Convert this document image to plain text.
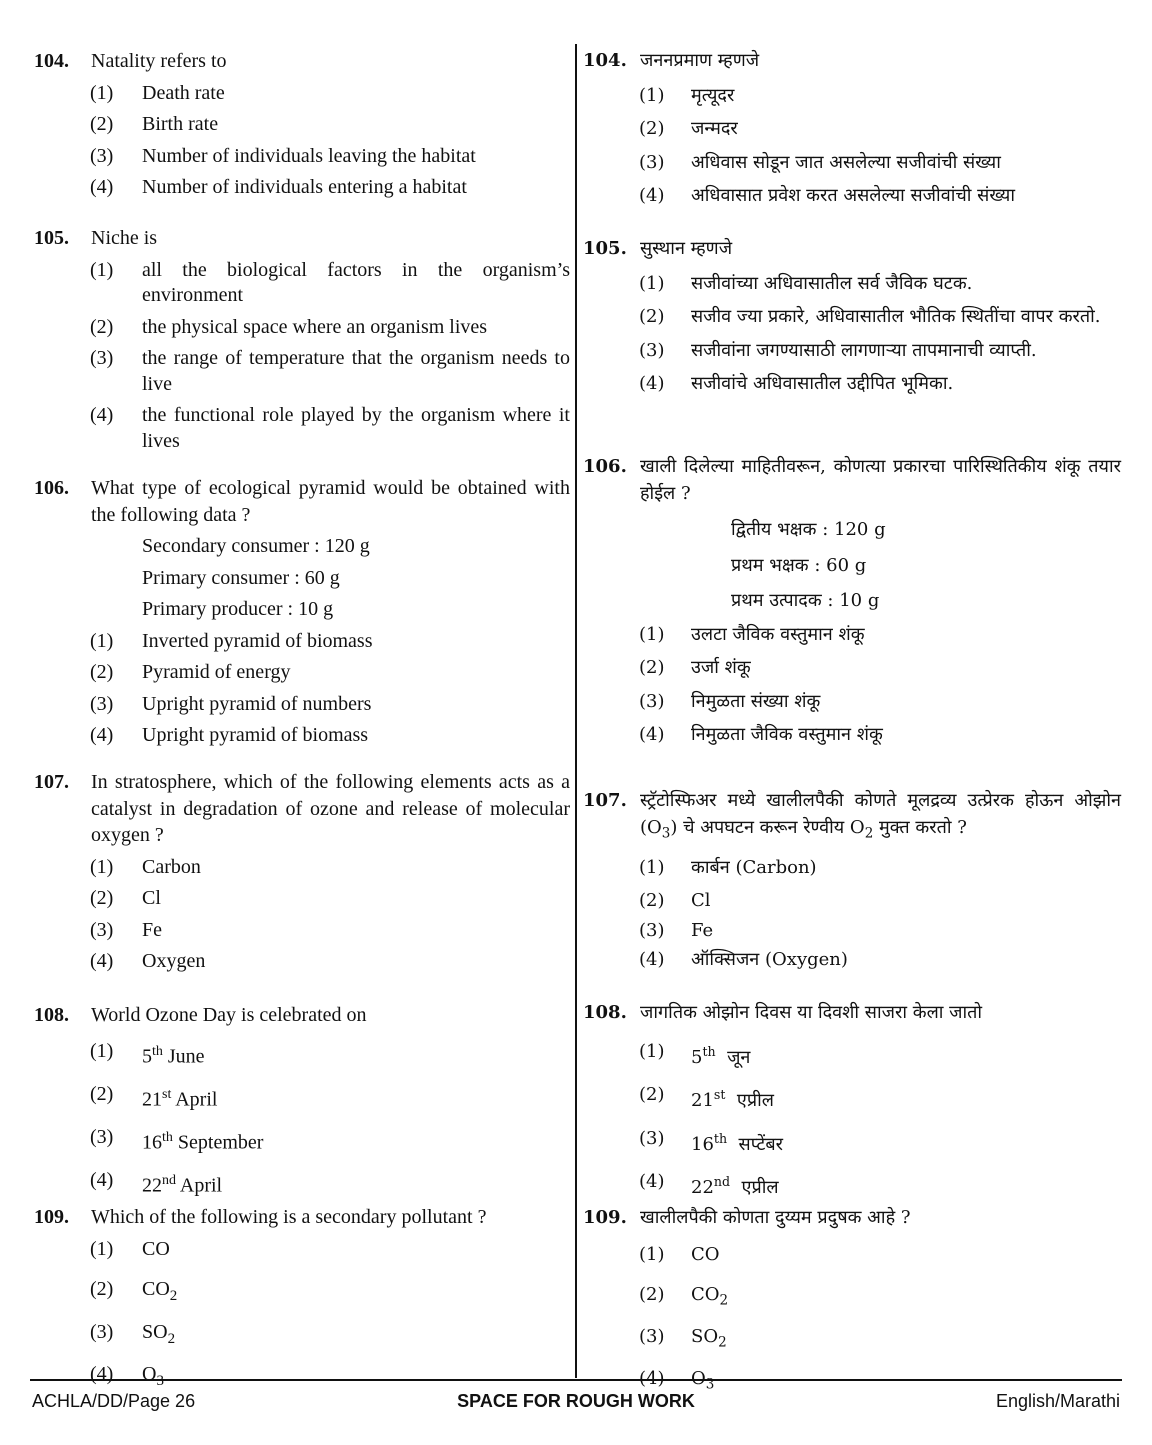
104.	Natality refers to
(1)	Death rate
(2)	Birth rate
(3)	Number of individuals leaving the habitat
(4)	Number of individuals entering a habitat
105.	Niche is
(1)	all the biological factors in the organism’s environment
(2)	the physical space where an organism lives
(3)	the range of temperature that the organism needs to live
(4)	the functional role played by the organism where it lives
106.	What type of ecological pyramid would be obtained with the following data ?
Secondary consumer : 120 g
Primary consumer : 60 g
Primary producer : 10 g
(1)	Inverted pyramid of biomass
(2)	Pyramid of energy
(3)	Upright pyramid of numbers
(4)	Upright pyramid of biomass
107.	In stratosphere, which of the following elements acts as a catalyst in degradation of ozone and release of molecular oxygen ?
(1)	Carbon
(2)	Cl
(3)	Fe
(4)	Oxygen
108.	World Ozone Day is celebrated on
(1)	5th June
(2)	21st April
(3)	16th September
(4)	22nd April
109.	Which of the following is a secondary pollutant ?
(1)	CO
(2)	$CO_2$
(3)	$SO_2$
(4)	$O_3$
104. जननप्रमाण म्हणजे
(1)	मृत्यूदर
(2)	जन्मदर
(3)	अधिवास सोडून जात असलेल्या सजीवांची संख्या
(4)	अधिवासात प्रवेश करत असलेल्या सजीवांची संख्या
105. सुस्थान म्हणजे
(1)	सजीवांच्या अधिवासातील सर्व जैविक घटक.
(2)	सजीव ज्या प्रकारे, अधिवासातील भौतिक स्थितींचा वापर करतो.
(3)	सजीवांना जगण्यासाठी लागणाऱ्या तापमानाची व्याप्ती.
(4)	सजीवांचे अधिवासातील उद्दीपित भूमिका.
106. खाली दिलेल्या माहितीवरून, कोणत्या प्रकारचा पारिस्थितिकीय शंकू तयार होईल ?
द्वितीय भक्षक : 120 g
प्रथम भक्षक : 60 g
प्रथम उत्पादक : 10 g
(1)	उलटा जैविक वस्तुमान शंकू
(2)	उर्जा शंकू
(3)	निमुळता संख्या शंकू
(4)	निमुळता जैविक वस्तुमान शंकू
107. स्ट्रॅटोस्फिअर मध्ये खालीलपैकी कोणते मूलद्रव्य उत्प्रेरक होऊन ओझोन $(O_3)$ चे अपघटन करून रेण्वीय $O_2$ मुक्त करतो ?
(1)	कार्बन (Carbon)
(2)	Cl
(3)	Fe
(4)	ऑक्सिजन (Oxygen)
108. जागतिक ओझोन दिवस या दिवशी साजरा केला जातो
(1)	5th  जून
(2)	21st  एप्रील
(3)	16th  सप्टेंबर
(4)	22nd  एप्रील
109. खालीलपैकी कोणता दुय्यम प्रदुषक आहे ?
(1)	CO
(2)	$CO_2$
(3)	$SO_2$
(4)	$O_3$
ACHLA/DD/Page 26	SPACE FOR ROUGH WORK	English/Marathi
